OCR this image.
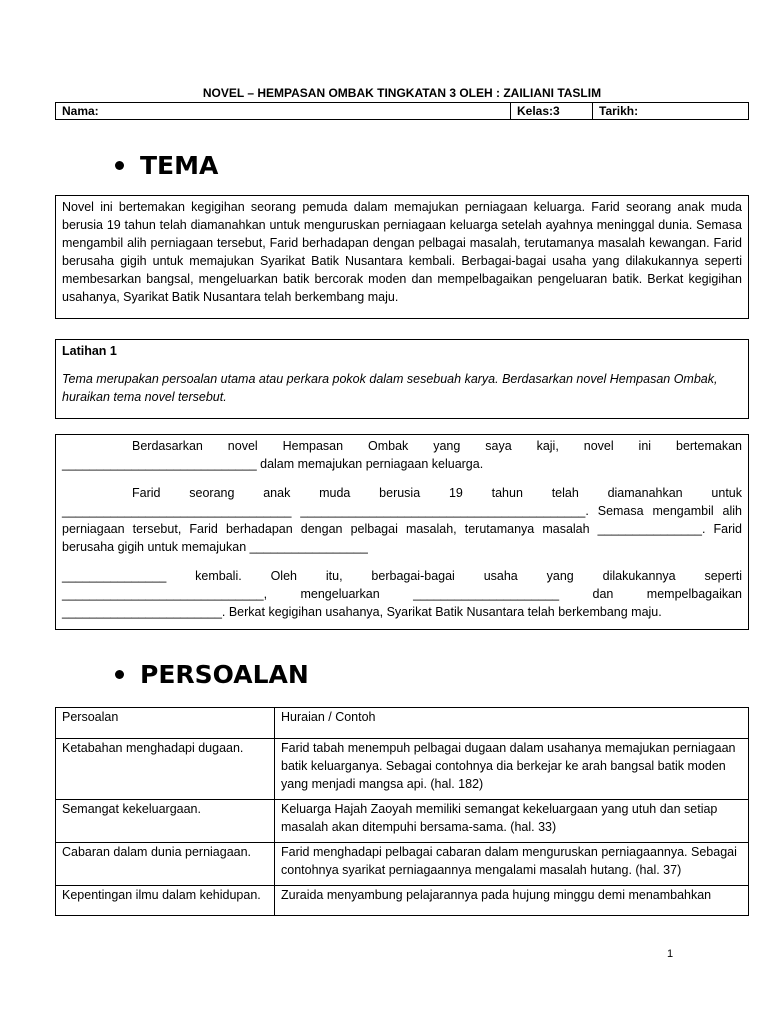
NOVEL – HEMPASAN OMBAK TINGKATAN 3 OLEH : ZAILIANI TASLIM
Nama:	Kelas:3	Tarikh:
TEMA

Novel ini bertemakan kegigihan seorang pemuda dalam memajukan perniagaan keluarga. Farid seorang anak muda berusia 19 tahun telah diamanahkan untuk menguruskan perniagaan keluarga setelah ayahnya meninggal dunia. Semasa mengambil alih perniagaan tersebut, Farid berhadapan dengan pelbagai masalah, terutamanya masalah kewangan. Farid berusaha gigih untuk memajukan Syarikat Batik Nusantara kembali. Berbagai-bagai usaha yang dilakukannya seperti membesarkan bangsal, mengeluarkan batik bercorak moden dan mempelbagaikan pengeluaran batik. Berkat kegigihan usahanya, Syarikat Batik Nusantara telah berkembang maju.

Latihan 1

Tema merupakan persoalan utama atau perkara pokok dalam sesebuah karya. Berdasarkan novel Hempasan Ombak, huraikan tema novel tersebut.

Berdasarkan novel Hempasan Ombak yang saya kaji, novel ini bertemakan ____________________________ dalam memajukan perniagaan keluarga.

Farid seorang anak muda berusia 19 tahun telah diamanahkan untuk _________________________________ _________________________________________. Semasa mengambil alih perniagaan tersebut, Farid berhadapan dengan pelbagai masalah, terutamanya masalah _______________. Farid berusaha gigih untuk memajukan _________________

_______________ kembali. Oleh itu, berbagai-bagai usaha yang dilakukannya seperti _____________________________, mengeluarkan _____________________ dan mempelbagaikan _______________________. Berkat kegigihan usahanya, Syarikat Batik Nusantara telah berkembang maju.

PERSOALAN
Persoalan	Huraian / Contoh
Ketabahan menghadapi dugaan.	Farid tabah menempuh pelbagai dugaan dalam usahanya memajukan perniagaan batik keluarganya. Sebagai contohnya dia berkejar ke arah bangsal batik moden yang menjadi mangsa api. (hal. 182)
Semangat kekeluargaan.	Keluarga Hajah Zaoyah memiliki semangat kekeluargaan yang utuh dan setiap masalah akan ditempuhi bersama-sama. (hal. 33)
Cabaran dalam dunia perniagaan.	Farid menghadapi pelbagai cabaran dalam menguruskan perniagaannya. Sebagai contohnya syarikat perniagaannya mengalami masalah hutang. (hal. 37)
Kepentingan ilmu dalam kehidupan.	Zuraida menyambung pelajarannya pada hujung minggu demi menambahkan
1
